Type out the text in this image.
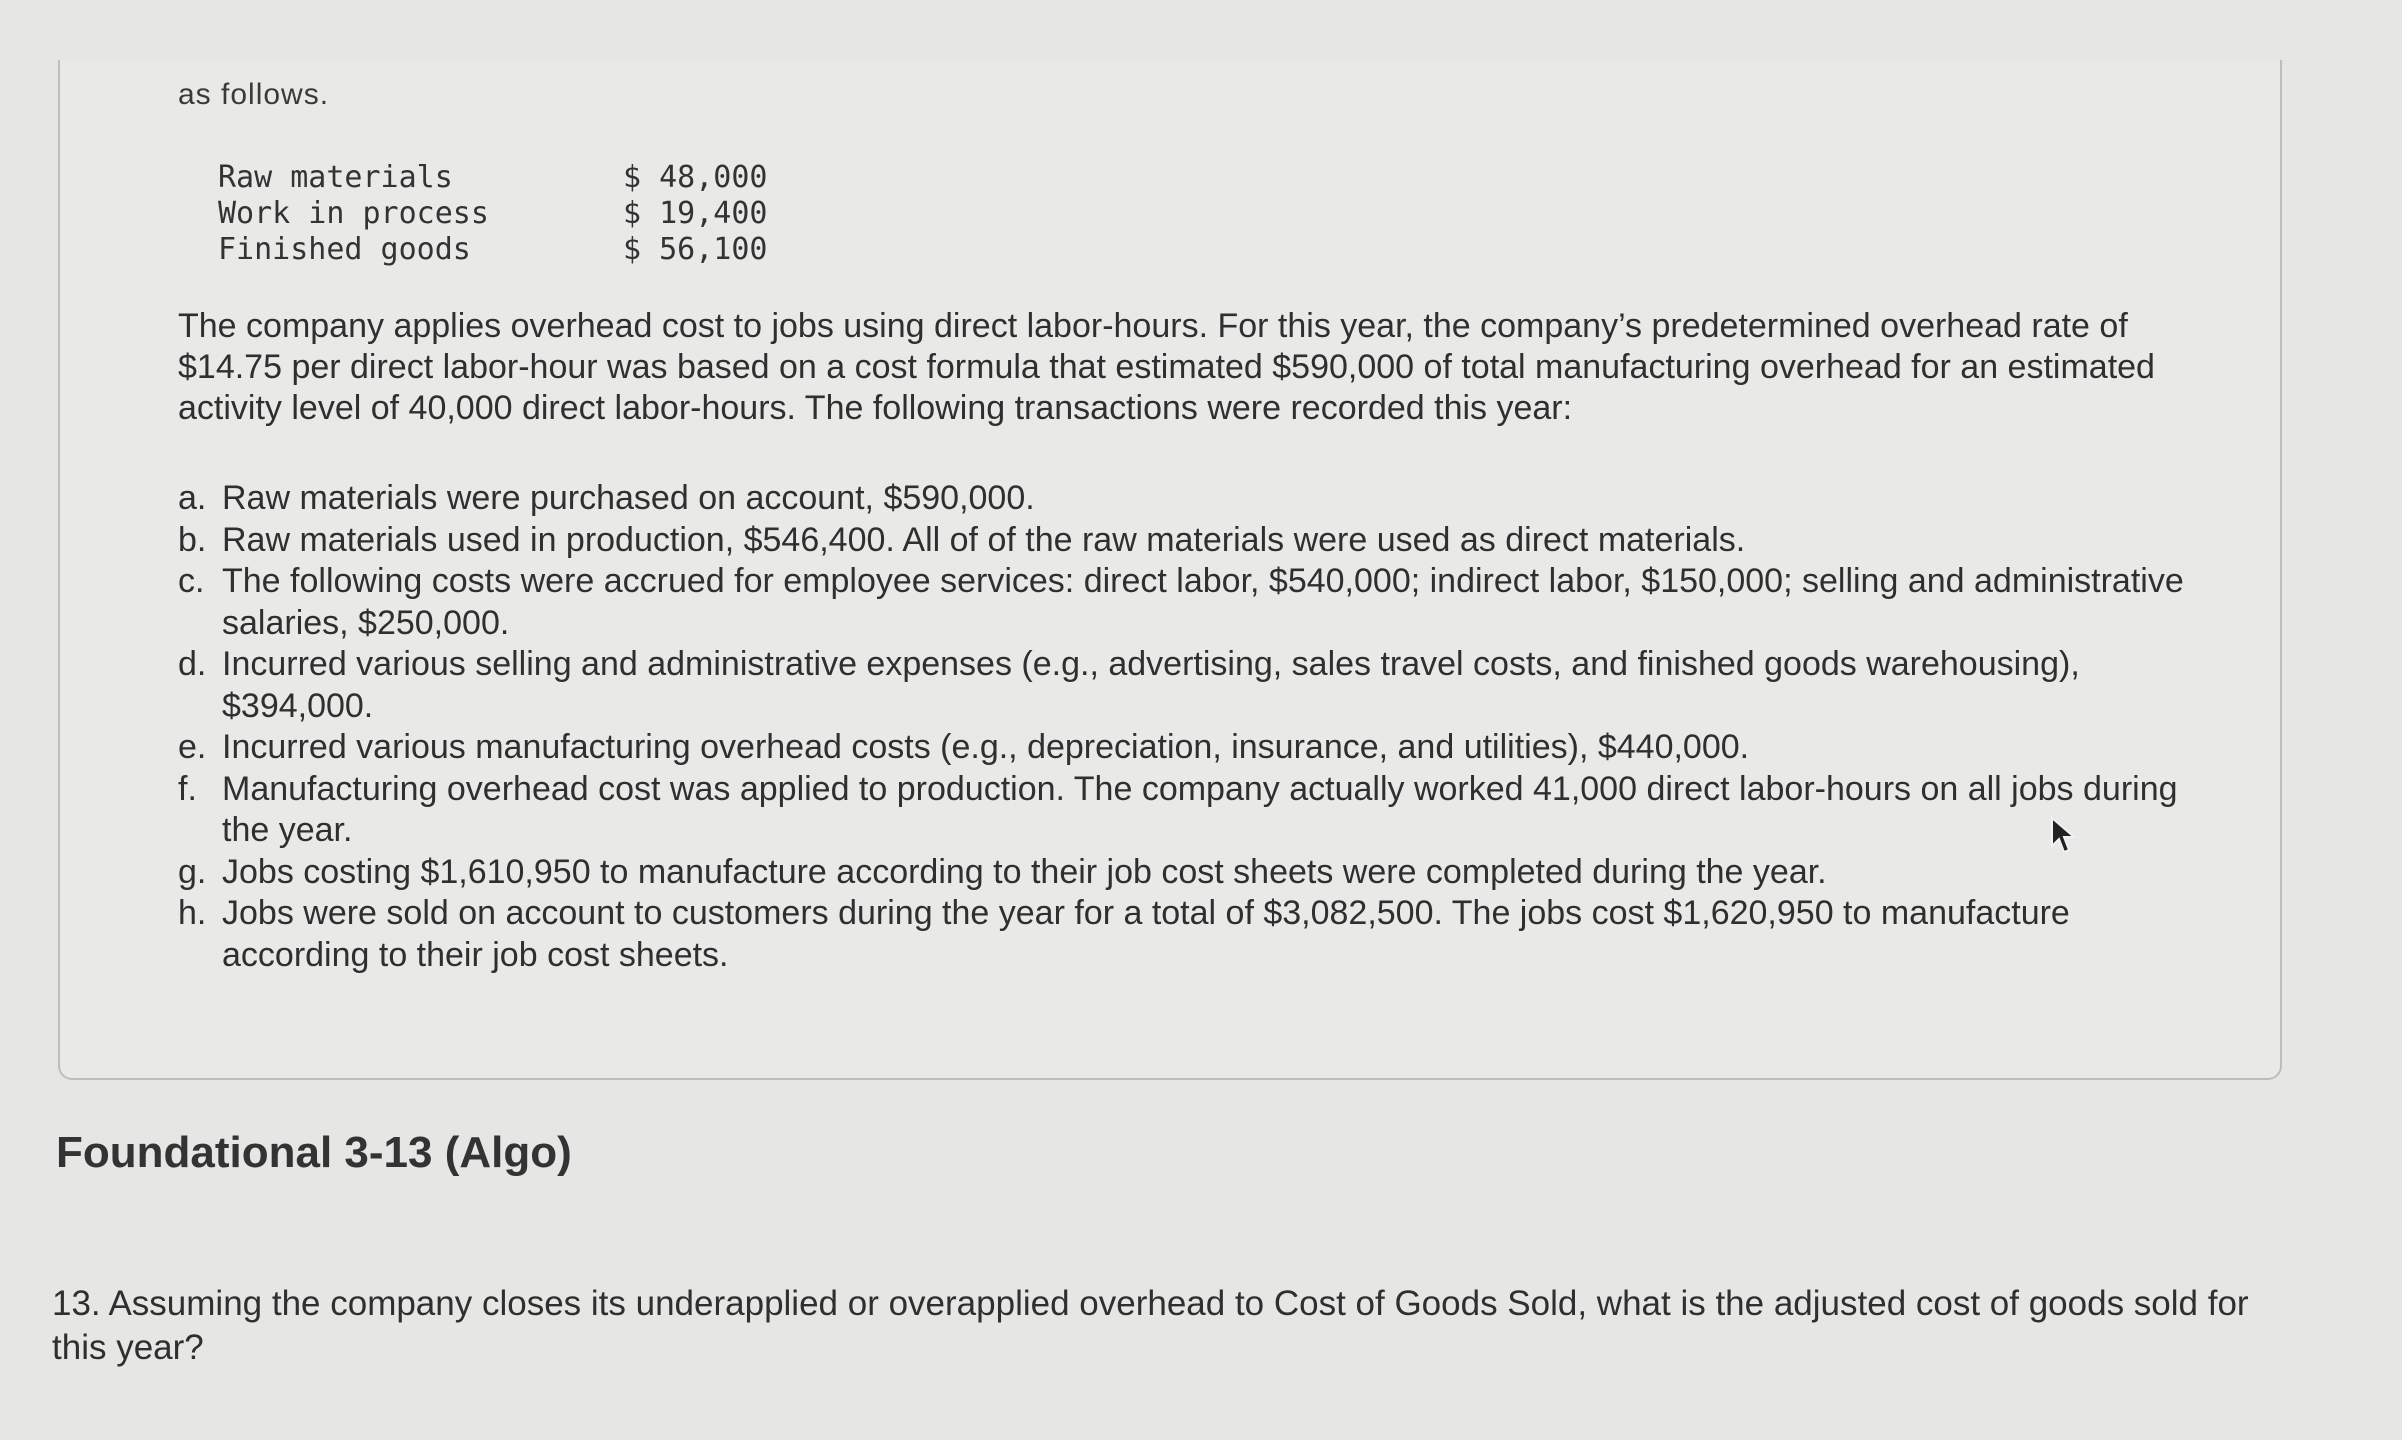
as follows.
Raw materials	$ 48,000
Work in process	$ 19,400
Finished goods	$ 56,100
The company applies overhead cost to jobs using direct labor-hours. For this year, the company’s predetermined overhead rate of $14.75 per direct labor-hour was based on a cost formula that estimated $590,000 of total manufacturing overhead for an estimated activity level of 40,000 direct labor-hours. The following transactions were recorded this year:
a. Raw materials were purchased on account, $590,000.
b. Raw materials used in production, $546,400. All of of the raw materials were used as direct materials.
c. The following costs were accrued for employee services: direct labor, $540,000; indirect labor, $150,000; selling and administrative salaries, $250,000.
d. Incurred various selling and administrative expenses (e.g., advertising, sales travel costs, and finished goods warehousing), $394,000.
e. Incurred various manufacturing overhead costs (e.g., depreciation, insurance, and utilities), $440,000.
f. Manufacturing overhead cost was applied to production. The company actually worked 41,000 direct labor-hours on all jobs during the year.
g. Jobs costing $1,610,950 to manufacture according to their job cost sheets were completed during the year.
h. Jobs were sold on account to customers during the year for a total of $3,082,500. The jobs cost $1,620,950 to manufacture according to their job cost sheets.
Foundational 3-13 (Algo)
13. Assuming the company closes its underapplied or overapplied overhead to Cost of Goods Sold, what is the adjusted cost of goods sold for this year?
